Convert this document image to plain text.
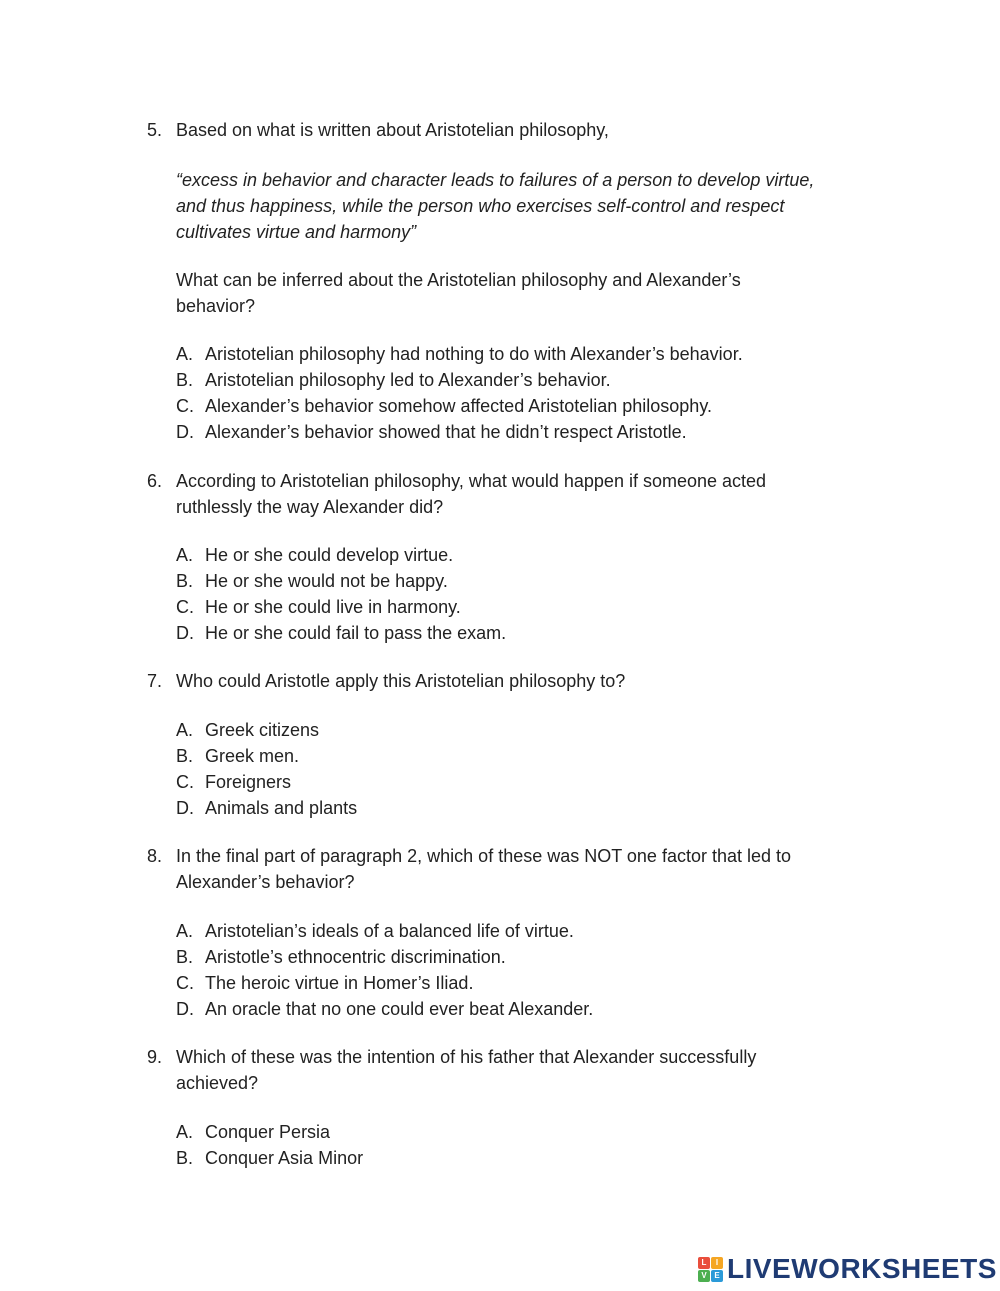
5. Based on what is written about Aristotelian philosophy,
“excess in behavior and character leads to failures of a person to develop virtue,
and thus happiness, while the person who exercises self-control and respect
cultivates virtue and harmony”
What can be inferred about the Aristotelian philosophy and Alexander’s
behavior?
A. Aristotelian philosophy had nothing to do with Alexander’s behavior.
B. Aristotelian philosophy led to Alexander’s behavior.
C. Alexander’s behavior somehow affected Aristotelian philosophy.
D. Alexander’s behavior showed that he didn’t respect Aristotle.
6. According to Aristotelian philosophy, what would happen if someone acted
ruthlessly the way Alexander did?
A. He or she could develop virtue.
B. He or she would not be happy.
C. He or she could live in harmony.
D. He or she could fail to pass the exam.
7. Who could Aristotle apply this Aristotelian philosophy to?
A. Greek citizens
B. Greek men.
C. Foreigners
D. Animals and plants
8. In the final part of paragraph 2, which of these was NOT one factor that led to
Alexander’s behavior?
A. Aristotelian’s ideals of a balanced life of virtue.
B. Aristotle’s ethnocentric discrimination.
C. The heroic virtue in Homer’s Iliad.
D. An oracle that no one could ever beat Alexander.
9. Which of these was the intention of his father that Alexander successfully
achieved?
A. Conquer Persia
B. Conquer Asia Minor
L	I
V E LIVEWORKSHEETS
